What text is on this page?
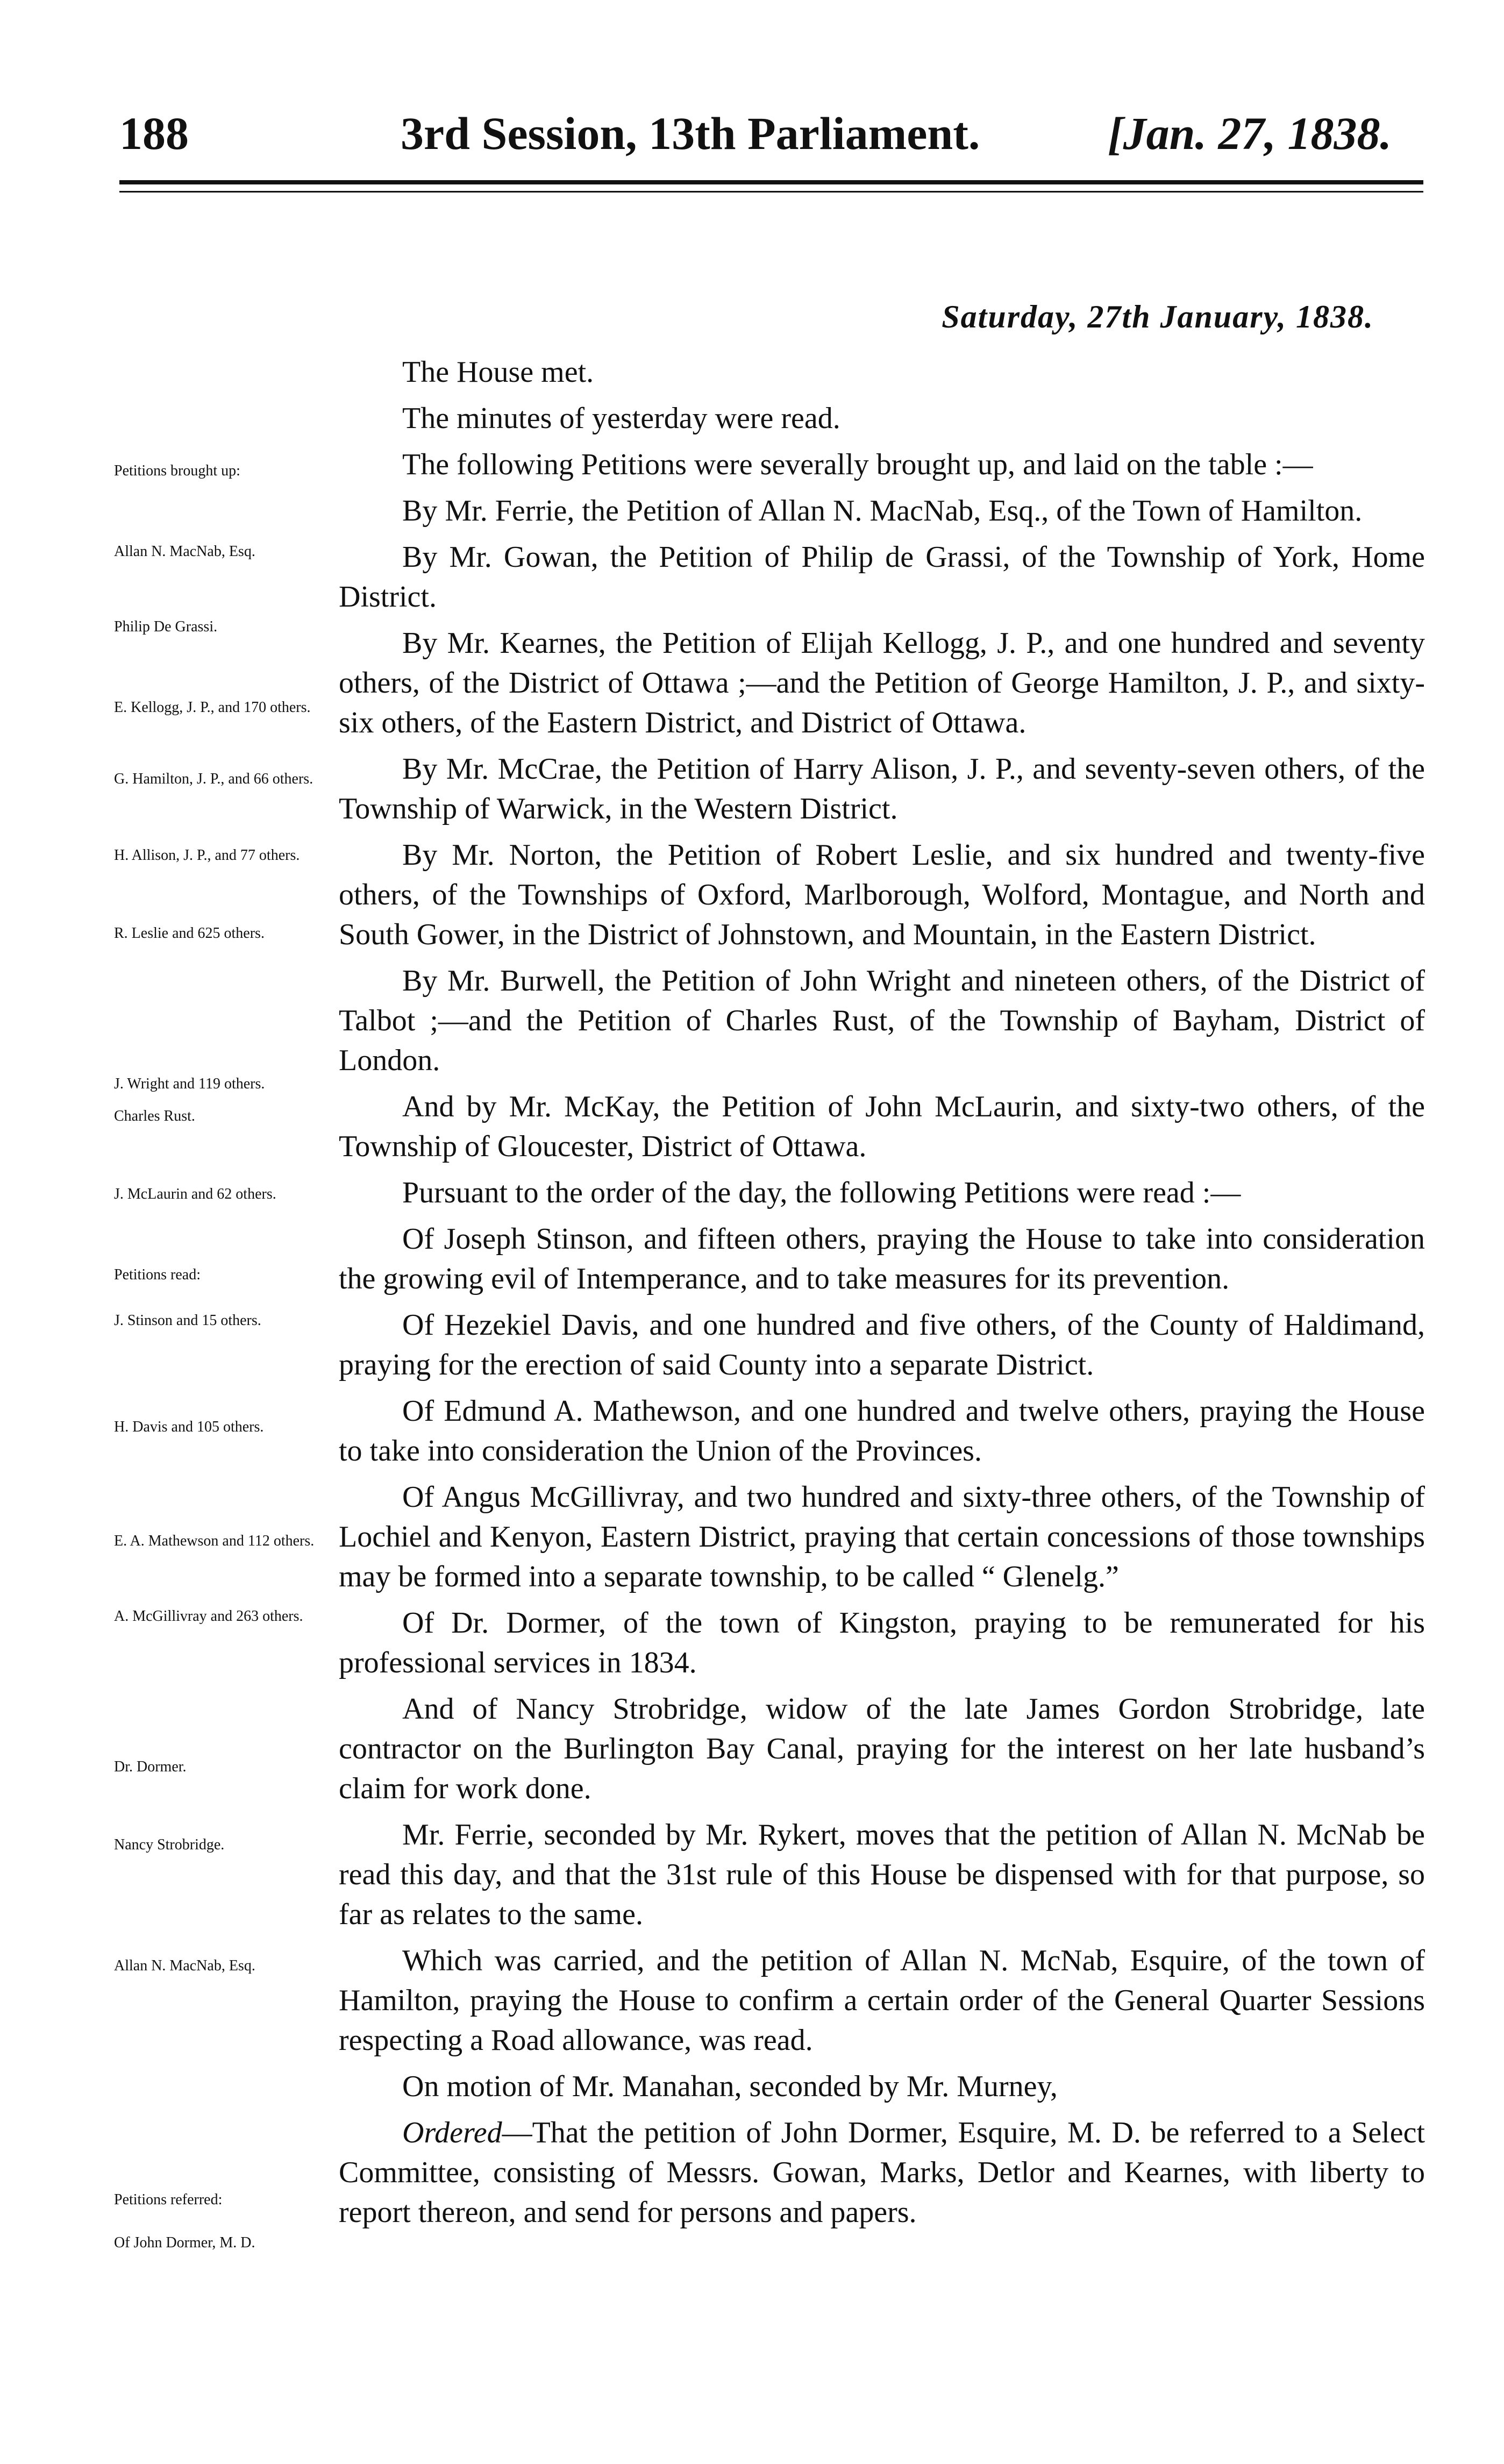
188	3rd Session, 13th Parliament.	[Jan. 27, 1838.
Saturday, 27th January, 1838.
Petitions brought up:
Allan N. MacNab, Esq.
Philip De Grassi.
E. Kellogg, J. P., and 170 others.
G. Hamilton, J. P., and 66 others.
H. Allison, J. P., and 77 others.
R. Leslie and 625 others.
J. Wright and 119 others.
Charles Rust.
J. McLaurin and 62 others.
Petitions read:
J. Stinson and 15 others.
H. Davis and 105 others.
E. A. Mathewson and 112 others.
A. McGillivray and 263 others.
Dr. Dormer.
Nancy Strobridge.
Allan N. MacNab, Esq.
Petitions referred:
Of John Dormer, M. D.

The House met.

The minutes of yesterday were read.

The following Petitions were severally brought up, and laid on the table :—

By Mr. Ferrie, the Petition of Allan N. MacNab, Esq., of the Town of Hamilton.

By Mr. Gowan, the Petition of Philip de Grassi, of the Township of York, Home District.

By Mr. Kearnes, the Petition of Elijah Kellogg, J. P., and one hundred and seventy others, of the District of Ottawa ;—and the Petition of George Hamilton, J. P., and sixty-six others, of the Eastern District, and District of Ottawa.

By Mr. McCrae, the Petition of Harry Alison, J. P., and seventy-seven others, of the Township of Warwick, in the Western District.

By Mr. Norton, the Petition of Robert Leslie, and six hundred and twenty-five others, of the Townships of Oxford, Marlborough, Wolford, Montague, and North and South Gower, in the District of Johnstown, and Mountain, in the Eastern District.

By Mr. Burwell, the Petition of John Wright and nineteen others, of the District of Talbot ;—and the Petition of Charles Rust, of the Township of Bayham, District of London.

And by Mr. McKay, the Petition of John McLaurin, and sixty-two others, of the Township of Gloucester, District of Ottawa.

Pursuant to the order of the day, the following Petitions were read :—

Of Joseph Stinson, and fifteen others, praying the House to take into consideration the growing evil of Intemperance, and to take measures for its prevention.

Of Hezekiel Davis, and one hundred and five others, of the County of Haldimand, praying for the erection of said County into a separate District.

Of Edmund A. Mathewson, and one hundred and twelve others, praying the House to take into consideration the Union of the Provinces.

Of Angus McGillivray, and two hundred and sixty-three others, of the Township of Lochiel and Kenyon, Eastern District, praying that certain concessions of those townships may be formed into a separate township, to be called “ Glenelg.”

Of Dr. Dormer, of the town of Kingston, praying to be remunerated for his professional services in 1834.

And of Nancy Strobridge, widow of the late James Gordon Strobridge, late contractor on the Burlington Bay Canal, praying for the interest on her late husband’s claim for work done.

Mr. Ferrie, seconded by Mr. Rykert, moves that the petition of Allan N. McNab be read this day, and that the 31st rule of this House be dispensed with for that purpose, so far as relates to the same.

Which was carried, and the petition of Allan N. McNab, Esquire, of the town of Hamilton, praying the House to confirm a certain order of the General Quarter Sessions respecting a Road allowance, was read.

On motion of Mr. Manahan, seconded by Mr. Murney,

Ordered—That the petition of John Dormer, Esquire, M. D. be referred to a Select Committee, consisting of Messrs. Gowan, Marks, Detlor and Kearnes, with liberty to report thereon, and send for persons and papers.
